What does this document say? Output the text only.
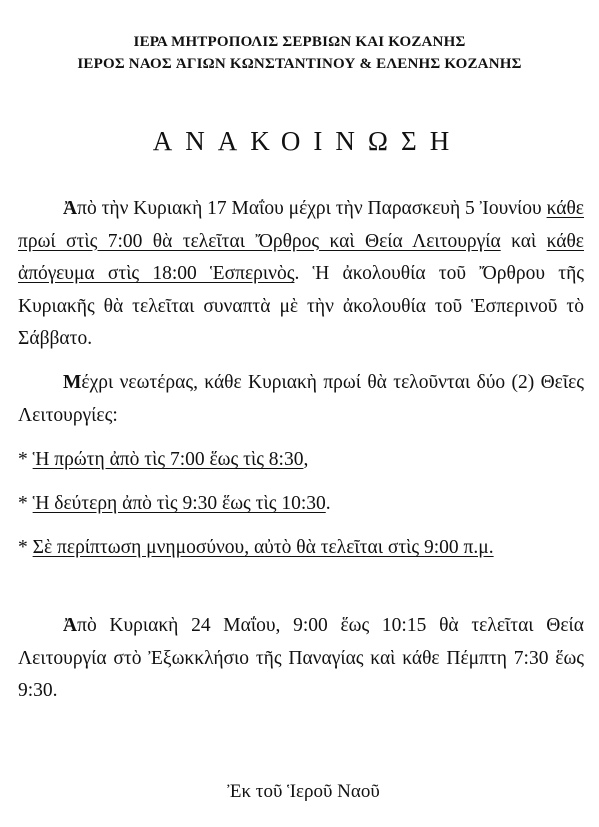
ΙΕΡΑ ΜΗΤΡΟΠΟΛΙΣ ΣΕΡΒΙΩΝ ΚΑΙ ΚΟΖΑΝΗΣ
ΙΕΡΟΣ ΝΑΟΣ ἉΓΙΩΝ ΚΩΝΣΤΑΝΤΙΝΟΥ & ΕΛΕΝΗΣ ΚΟΖΑΝΗΣ
ΑΝΑΚΟΙΝΩΣΗ
Ἀπὸ τὴν Κυριακὴ 17 Μαΐου μέχρι τὴν Παρασκευὴ 5 Ἰουνίου κάθε πρωί στὶς 7:00 θὰ τελεῖται Ὄρθρος καὶ Θεία Λειτουργία καὶ κάθε ἀπόγευμα στὶς 18:00 Ἑσπερινὸς. Ἡ ἀκολουθία τοῦ Ὄρθρου τῆς Κυριακῆς θὰ τελεῖται συναπτὰ μὲ τὴν ἀκολουθία τοῦ Ἑσπερινοῦ τὸ Σάββατο.
Μέχρι νεωτέρας, κάθε Κυριακὴ πρωί θὰ τελοῦνται δύο (2) Θεῖες Λειτουργίες:
* Ἡ πρώτη ἀπὸ τὶς 7:00 ἕως τὶς 8:30,
* Ἡ δεύτερη ἀπὸ τὶς 9:30 ἕως τὶς 10:30.
* Σὲ περίπτωση μνημοσύνου, αὐτὸ θὰ τελεῖται στὶς 9:00 π.μ.
Ἀπὸ Κυριακὴ 24 Μαΐου, 9:00 ἕως 10:15 θὰ τελεῖται Θεία Λειτουργία στὸ Ἐξωκκλήσιο τῆς Παναγίας καὶ κάθε Πέμπτη 7:30 ἕως 9:30.
Ἐκ τοῦ Ἱεροῦ Ναοῦ
